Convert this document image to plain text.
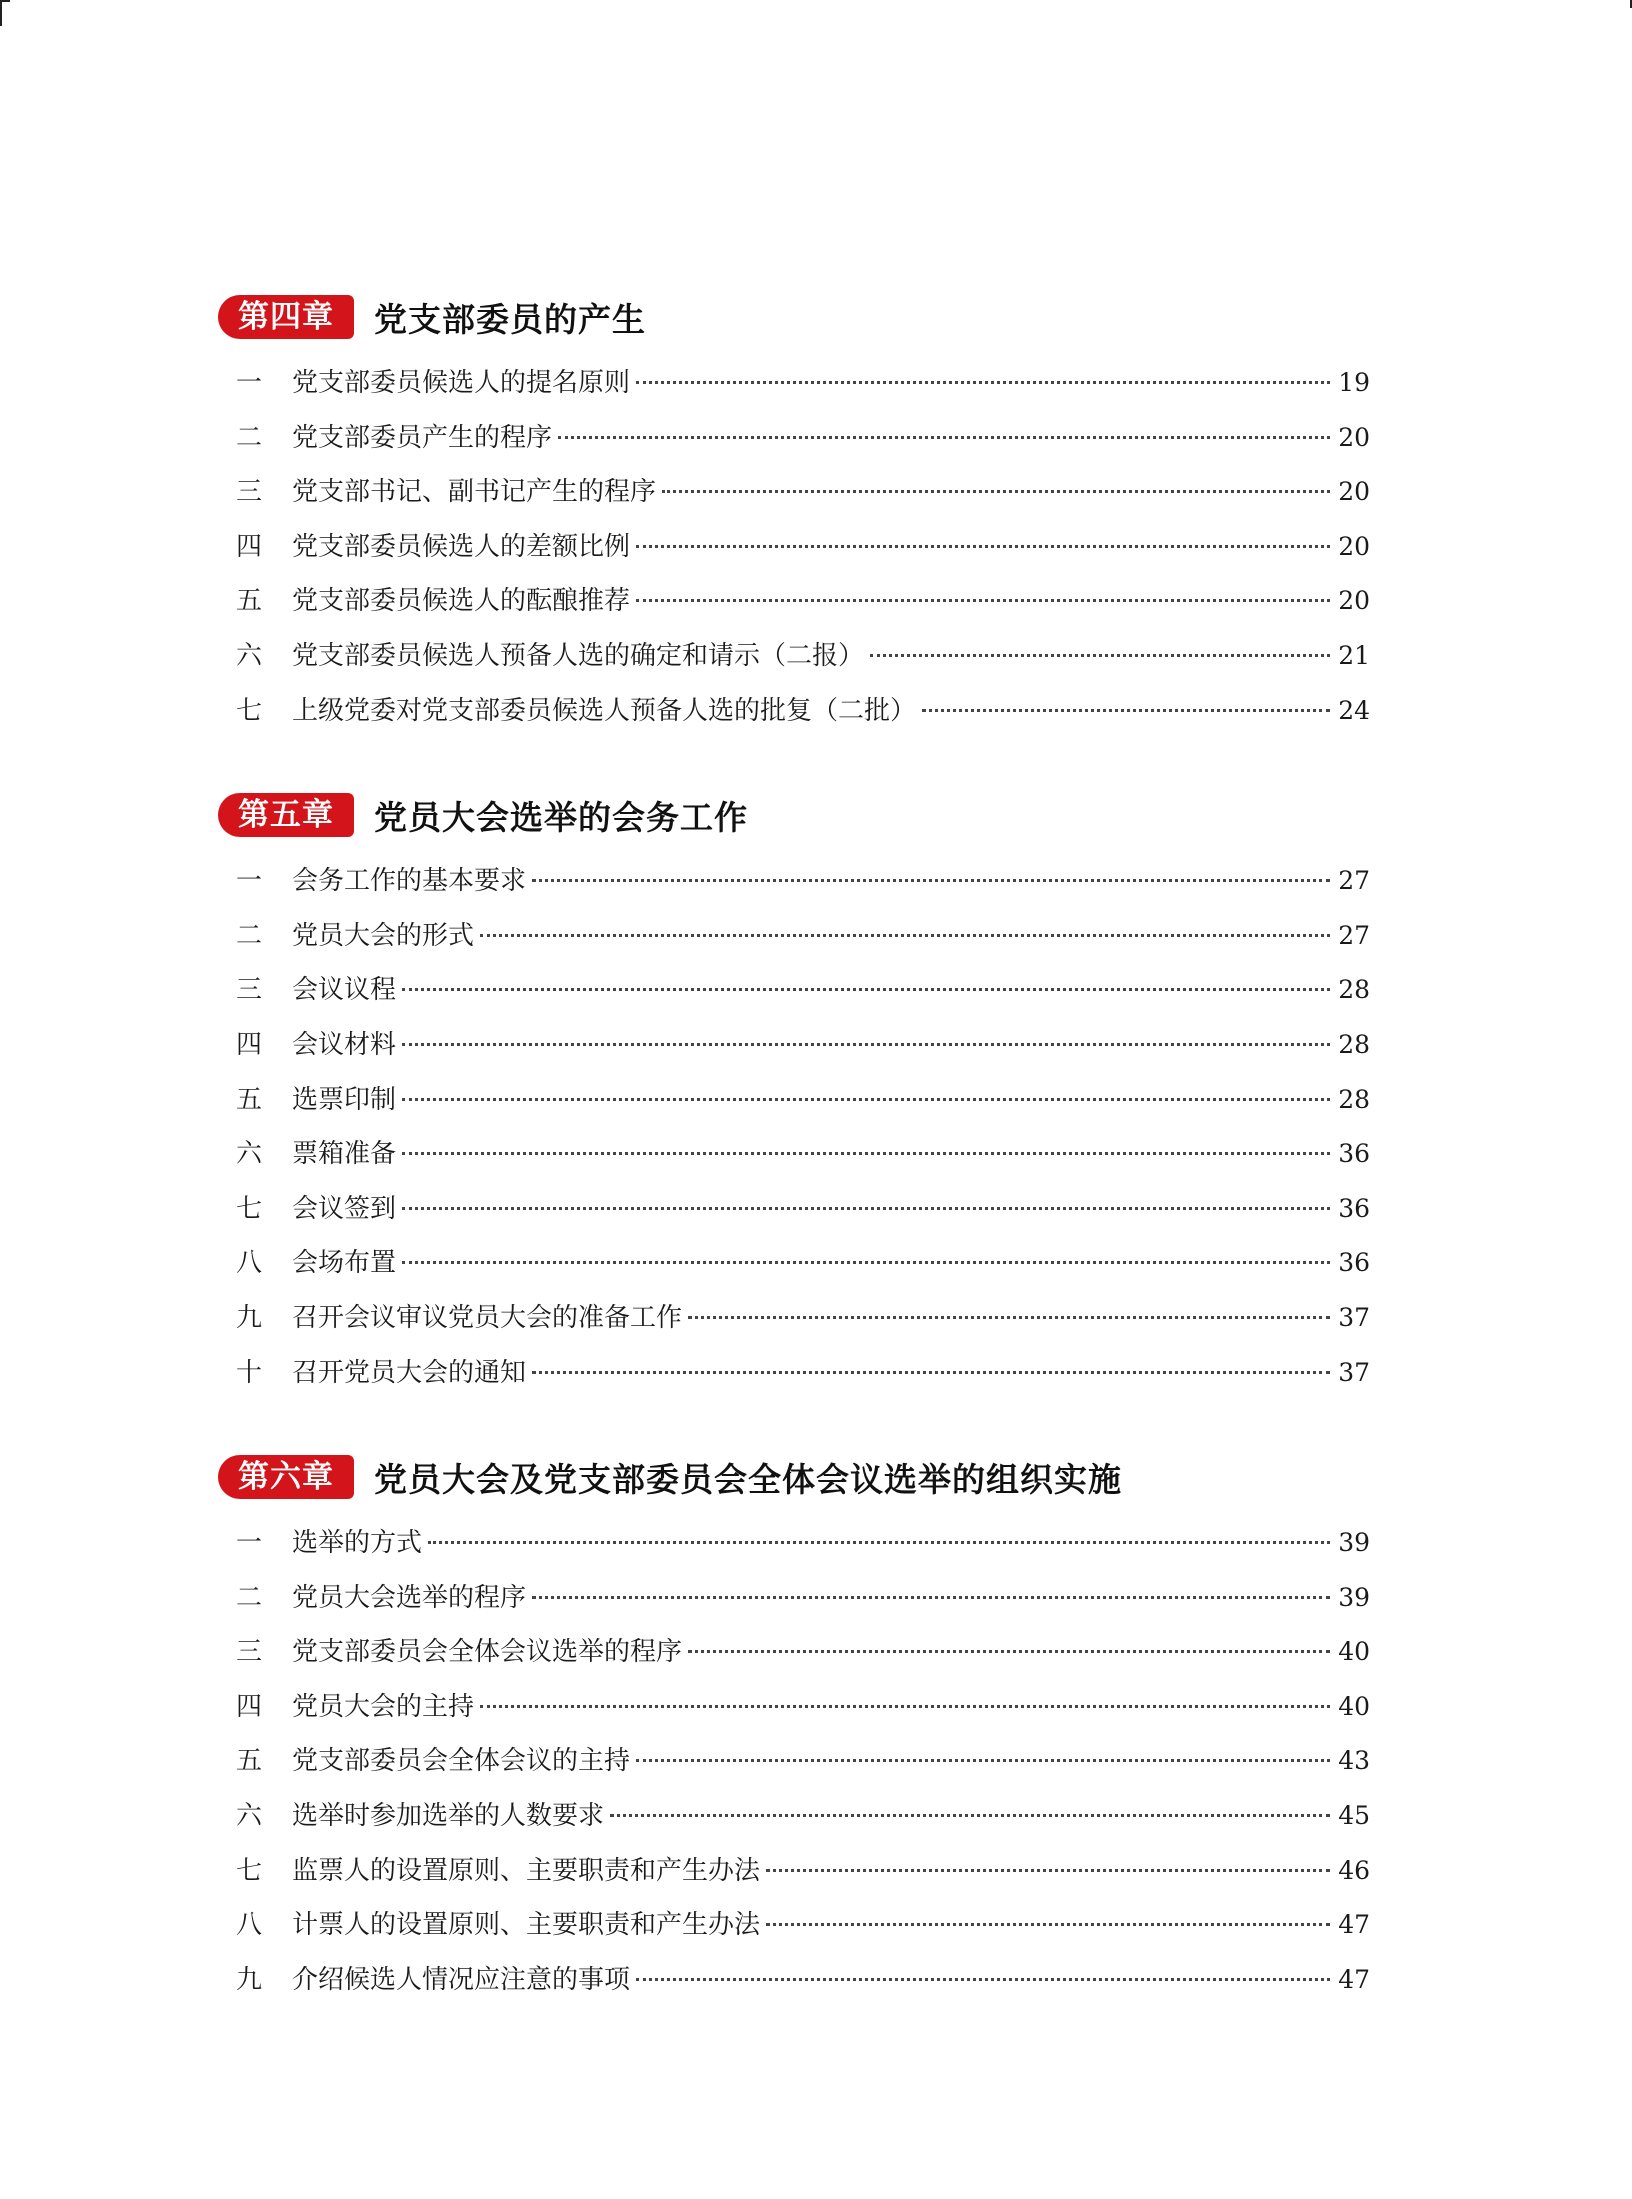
第四章	党支部委员的产生
一	党支部委员候选人的提名原则	19
二	党支部委员产生的程序	20
三	党支部书记、副书记产生的程序	20
四	党支部委员候选人的差额比例	20
五	党支部委员候选人的酝酿推荐	20
六	党支部委员候选人预备人选的确定和请示（二报）	21
七	上级党委对党支部委员候选人预备人选的批复（二批）	24
第五章	党员大会选举的会务工作
一	会务工作的基本要求	27
二	党员大会的形式	27
三	会议议程	28
四	会议材料	28
五	选票印制	28
六	票箱准备	36
七	会议签到	36
八	会场布置	36
九	召开会议审议党员大会的准备工作	37
十	召开党员大会的通知	37
第六章	党员大会及党支部委员会全体会议选举的组织实施
一	选举的方式	39
二	党员大会选举的程序	39
三	党支部委员会全体会议选举的程序	40
四	党员大会的主持	40
五	党支部委员会全体会议的主持	43
六	选举时参加选举的人数要求	45
七	监票人的设置原则、主要职责和产生办法	46
八	计票人的设置原则、主要职责和产生办法	47
九	介绍候选人情况应注意的事项	47
